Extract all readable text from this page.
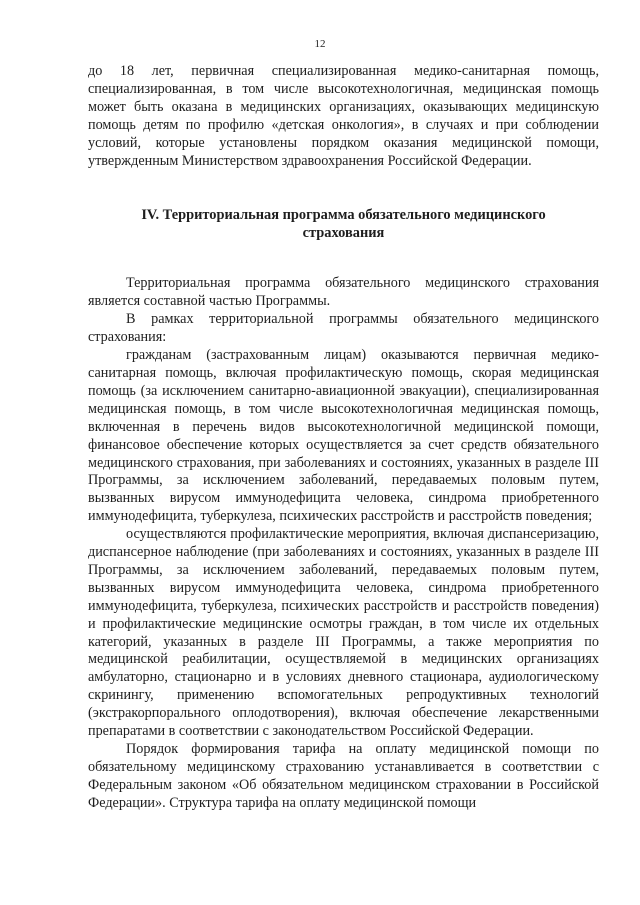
12

до 18 лет, первичная специализированная медико-санитарная помощь, специализированная, в том числе высокотехнологичная, медицинская помощь может быть оказана в медицинских организациях, оказывающих медицинскую помощь детям по профилю «детская онкология», в случаях и при соблюдении условий, которые установлены порядком оказания медицинской помощи, утвержденным Министерством здравоохранения Российской Федерации.

IV. Территориальная программа обязательного медицинского страхования

Территориальная программа обязательного медицинского страхования является составной частью Программы.

В рамках территориальной программы обязательного медицинского страхования:

гражданам (застрахованным лицам) оказываются первичная медико-санитарная помощь, включая профилактическую помощь, скорая медицинская помощь (за исключением санитарно-авиационной эвакуации), специализированная медицинская помощь, в том числе высокотехнологичная медицинская помощь, включенная в перечень видов высокотехнологичной медицинской помощи, финансовое обеспечение которых осуществляется за счет средств обязательного медицинского страхования, при заболеваниях и состояниях, указанных в разделе III Программы, за исключением заболеваний, передаваемых половым путем, вызванных вирусом иммунодефицита человека, синдрома приобретенного иммунодефицита, туберкулеза, психических расстройств и расстройств поведения;

осуществляются профилактические мероприятия, включая диспансеризацию, диспансерное наблюдение (при заболеваниях и состояниях, указанных в разделе III Программы, за исключением заболеваний, передаваемых половым путем, вызванных вирусом иммунодефицита человека, синдрома приобретенного иммунодефицита, туберкулеза, психических расстройств и расстройств поведения) и профилактические медицинские осмотры граждан, в том числе их отдельных категорий, указанных в разделе III Программы, а также мероприятия по медицинской реабилитации, осуществляемой в медицинских организациях амбулаторно, стационарно и в условиях дневного стационара, аудиологическому скринингу, применению вспомогательных репродуктивных технологий (экстракорпорального оплодотворения), включая обеспечение лекарственными препаратами в соответствии с законодательством Российской Федерации.

Порядок формирования тарифа на оплату медицинской помощи по обязательному медицинскому страхованию устанавливается в соответствии с Федеральным законом «Об обязательном медицинском страховании в Российской Федерации». Структура тарифа на оплату медицинской помощи
